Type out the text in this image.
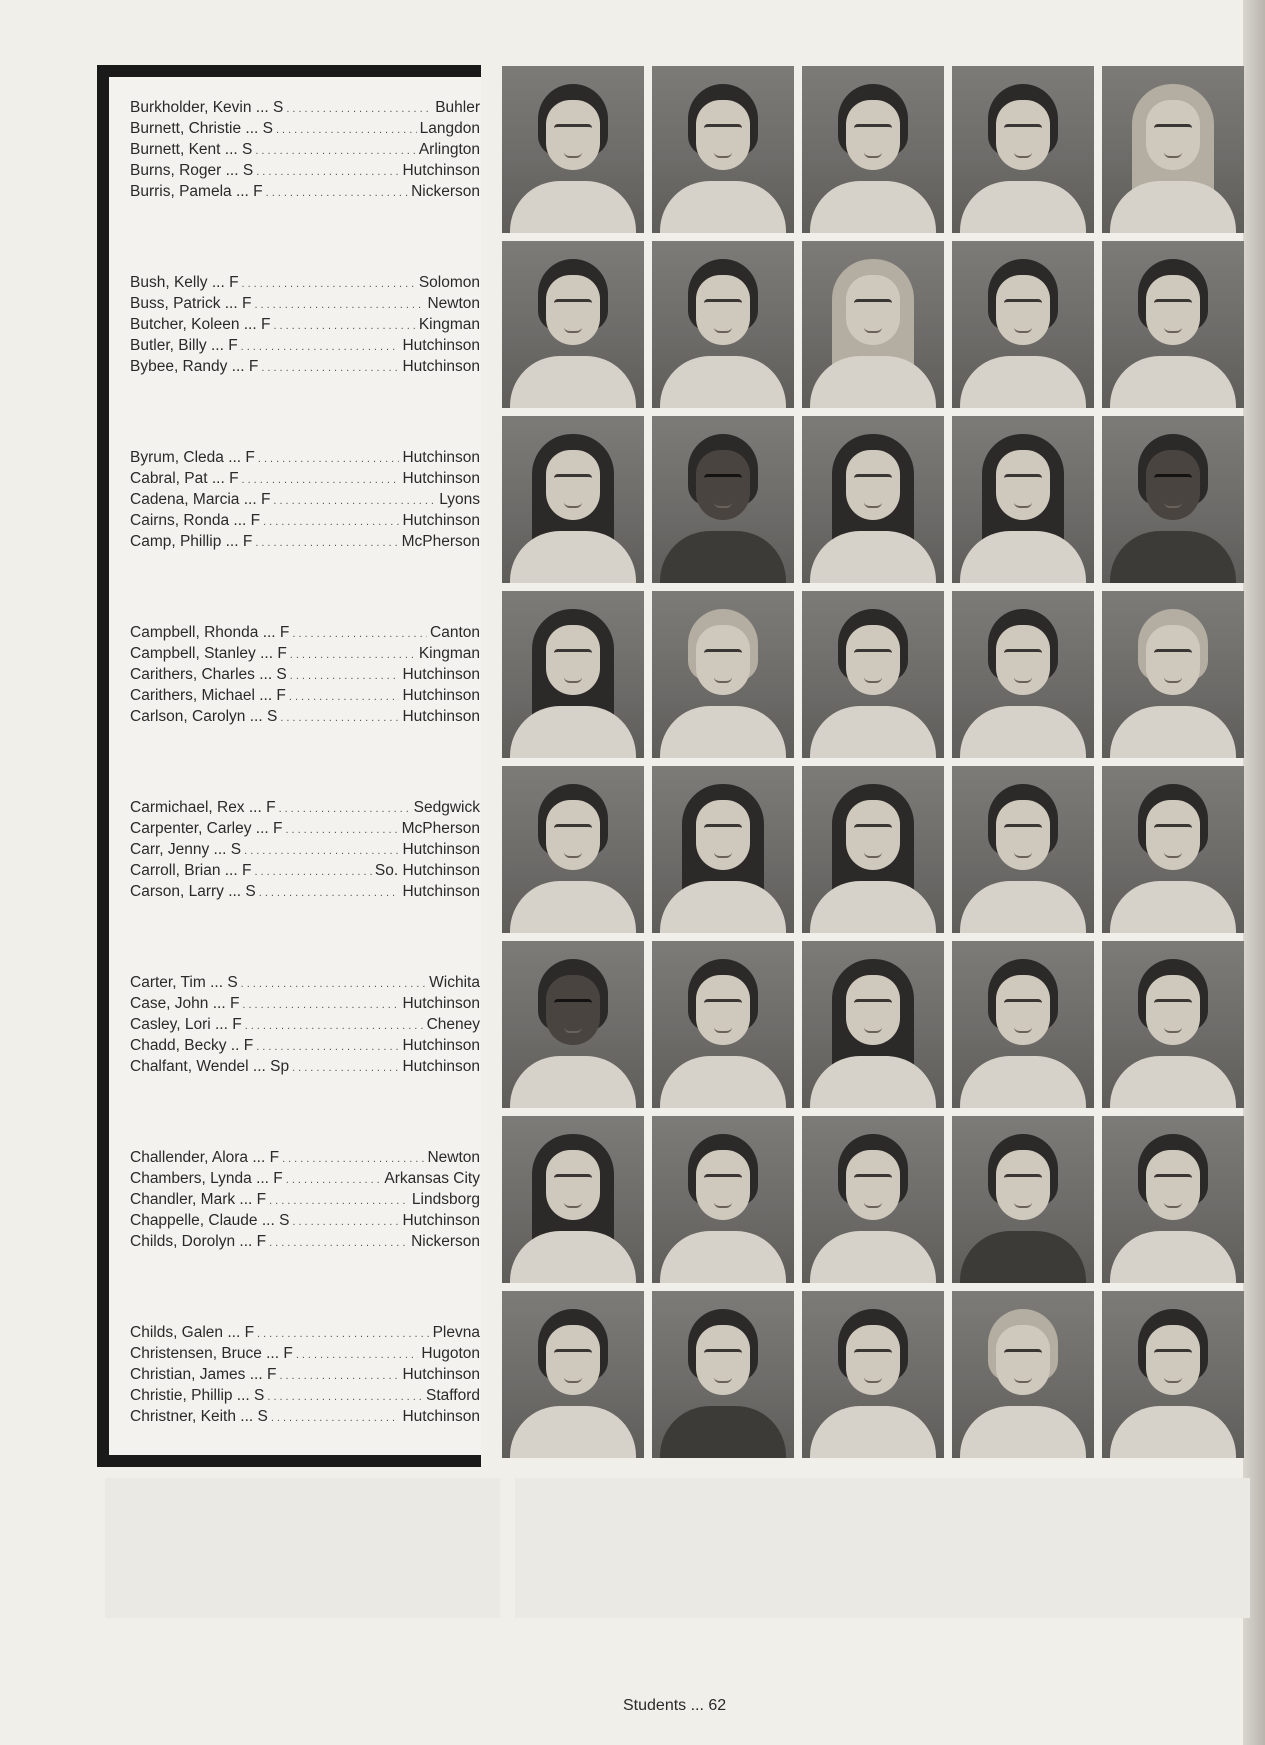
Burkholder, Kevin ... S .....	Buhler
Burnett, Christie ... S .....	Langdon
Burnett, Kent ... S .....	Arlington
Burns, Roger ... S .....	Hutchinson
Burris, Pamela ... F .....	Nickerson
Bush, Kelly ... F .....	Solomon
Buss, Patrick ... F .....	Newton
Butcher, Koleen ... F .....	Kingman
Butler, Billy ... F .....	Hutchinson
Bybee, Randy ... F .....	Hutchinson
Byrum, Cleda ... F .....	Hutchinson
Cabral, Pat ... F .....	Hutchinson
Cadena, Marcia ... F .....	Lyons
Cairns, Ronda ... F .....	Hutchinson
Camp, Phillip ... F .....	McPherson
Campbell, Rhonda ... F .....	Canton
Campbell, Stanley ... F .....	Kingman
Carithers, Charles ... S .....	Hutchinson
Carithers, Michael ... F .....	Hutchinson
Carlson, Carolyn ... S .....	Hutchinson
Carmichael, Rex ... F .....	Sedgwick
Carpenter, Carley ... F .....	McPherson
Carr, Jenny ... S .....	Hutchinson
Carroll, Brian ... F .....	So. Hutchinson
Carson, Larry ... S .....	Hutchinson
Carter, Tim ... S .....	Wichita
Case, John ... F .....	Hutchinson
Casley, Lori ... F .....	Cheney
Chadd, Becky .. F .....	Hutchinson
Chalfant, Wendel ... Sp .....	Hutchinson
Challender, Alora ... F .....	Newton
Chambers, Lynda ... F .....	Arkansas City
Chandler, Mark ... F .....	Lindsborg
Chappelle, Claude ... S .....	Hutchinson
Childs, Dorolyn ... F .....	Nickerson
Childs, Galen ... F .....	Plevna
Christensen, Bruce ... F .....	Hugoton
Christian, James ... F .....	Hutchinson
Christie, Phillip ... S .....	Stafford
Christner, Keith ... S .....	Hutchinson
Students ... 62
